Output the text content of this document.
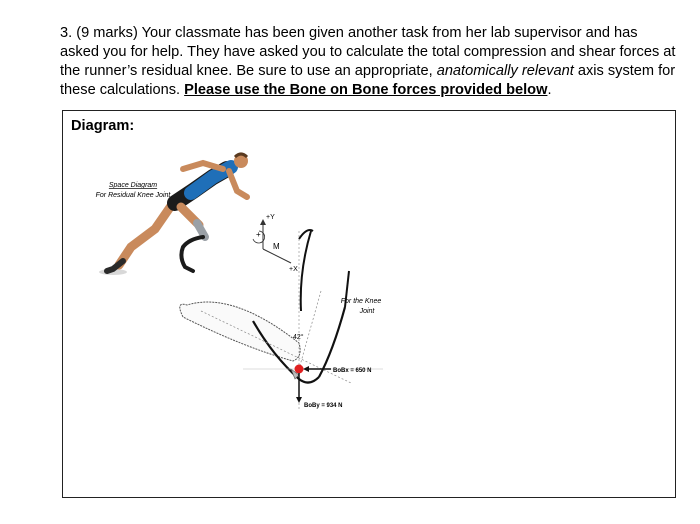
3. (9 marks) Your classmate has been given another task from her lab supervisor and has asked you for help. They have asked you to calculate the total compression and shear forces at the runner’s residual knee. Be sure to use an appropriate, anatomically relevant axis system for these calculations. Please use the Bone on Bone forces provided below.
Diagram:
Space Diagram
For Residual Knee Joint
+Y
+
M
+X
42°
BoBx = 650 N
BoBy = 934 N
For the Knee
Joint
